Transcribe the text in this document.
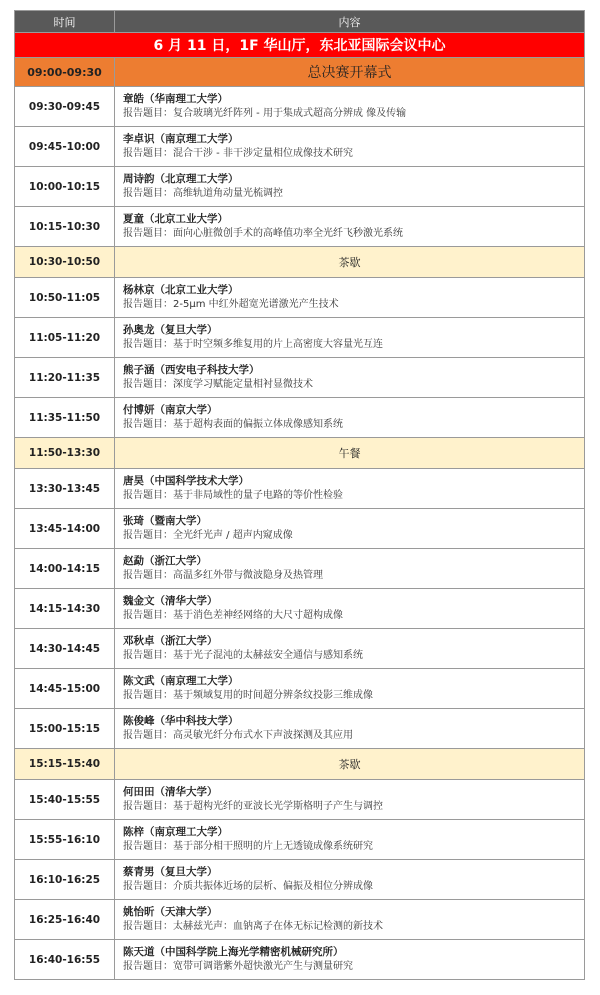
时间	内容
6 月 11 日，1F 华山厅，东北亚国际会议中心	
09:00-09:30	总决赛开幕式
09:30-09:45	章皓（华南理工大学）
报告题目：复合玻璃光纤阵列 - 用于集成式超高分辨成 像及传输

09:45-10:00	李卓识（南京理工大学）
报告题目：混合干涉 - 非干涉定量相位成像技术研究

10:00-10:15	周诗韵（北京理工大学）
报告题目：高维轨道角动量光梳调控

10:15-10:30	夏童（北京工业大学）
报告题目：面向心脏微创手术的高峰值功率全光纤飞秒激光系统

10:30-10:50	茶歇
10:50-11:05	杨林京（北京工业大学）
报告题目：2-5μm 中红外超宽光谱激光产生技术

11:05-11:20	孙奥龙（复旦大学）
报告题目：基于时空频多维复用的片上高密度大容量光互连

11:20-11:35	熊子涵（西安电子科技大学）
报告题目：深度学习赋能定量相衬显微技术

11:35-11:50	付博妍（南京大学）
报告题目：基于超构表面的偏振立体成像感知系统

11:50-13:30	午餐
13:30-13:45	唐昊（中国科学技术大学）
报告题目：基于非局域性的量子电路的等价性检验

13:45-14:00	张琦（暨南大学）
报告题目：全光纤光声 / 超声内窥成像

14:00-14:15	赵勐（浙江大学）
报告题目：高温多红外带与微波隐身及热管理

14:15-14:30	魏金文（清华大学）
报告题目：基于消色差神经网络的大尺寸超构成像

14:30-14:45	邓秋卓（浙江大学）
报告题目：基于光子混沌的太赫兹安全通信与感知系统

14:45-15:00	陈文武（南京理工大学）
报告题目：基于频域复用的时间超分辨条纹投影三维成像

15:00-15:15	陈俊峰（华中科技大学）
报告题目：高灵敏光纤分布式水下声波探测及其应用

15:15-15:40	茶歇
15:40-15:55	何田田（清华大学）
报告题目：基于超构光纤的亚波长光学斯格明子产生与调控

15:55-16:10	陈梓（南京理工大学）
报告题目：基于部分相干照明的片上无透镜成像系统研究

16:10-16:25	蔡青男（复旦大学）
报告题目：介质共振体近场的层析、偏振及相位分辨成像

16:25-16:40	姚怡昕（天津大学）
报告题目：太赫兹光声：血钠离子在体无标记检测的新技术

16:40-16:55	陈天道（中国科学院上海光学精密机械研究所）
报告题目：宽带可调谐紫外超快激光产生与测量研究
